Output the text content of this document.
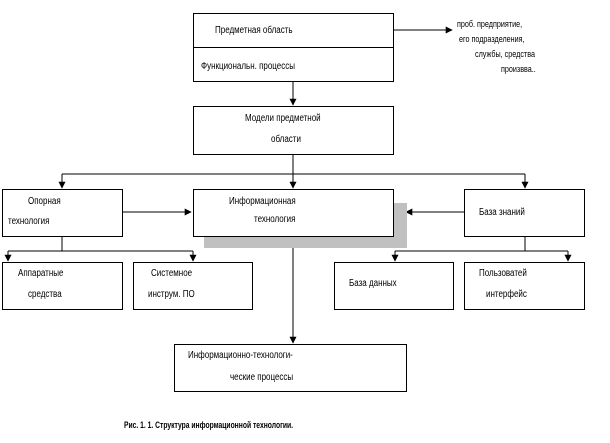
Предметная область
Функциональн. процессы
проб. предприятие,
его подразделения,
службы, средства
произвва..
Модели предметной
области
Опорная
технология
Информационная
технология
База знаний
Аппаратные
средства
Системное
инструм. ПО
База данных
Пользоватей
интерфейс
Информационно-технологи-
ческие процессы
Рис. 1. 1. Структура информационной технологии.
